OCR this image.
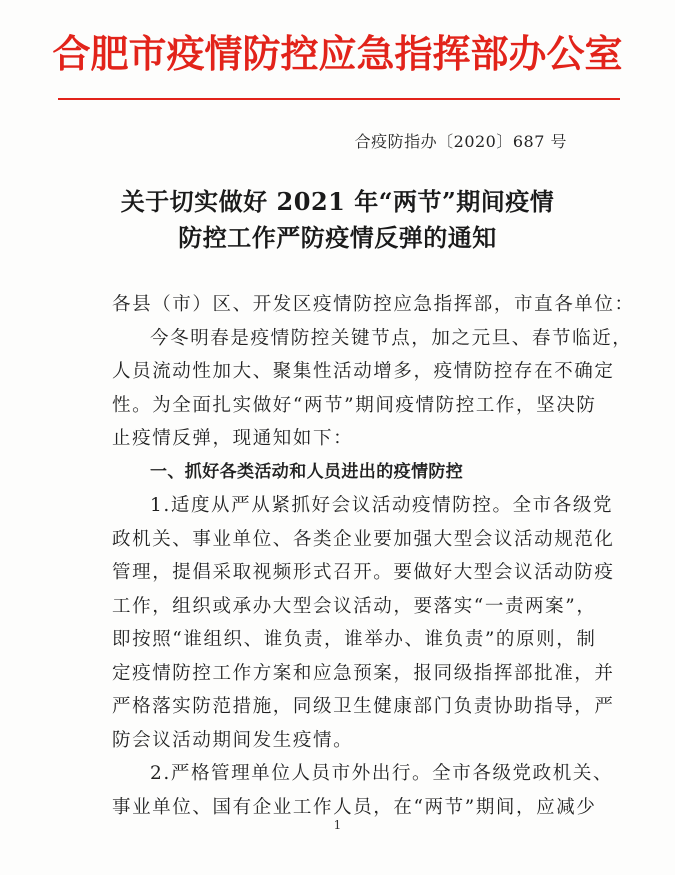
合肥市疫情防控应急指挥部办公室
合疫防指办〔2020〕687 号
关于切实做好 2021 年“两节”期间疫情
防控工作严防疫情反弹的通知
各县（市）区、开发区疫情防控应急指挥部，市直各单位：
今冬明春是疫情防控关键节点，加之元旦、春节临近，
人员流动性加大、聚集性活动增多，疫情防控存在不确定
性。为全面扎实做好“两节”期间疫情防控工作，坚决防
止疫情反弹，现通知如下：
一、抓好各类活动和人员进出的疫情防控
1.适度从严从紧抓好会议活动疫情防控。全市各级党
政机关、事业单位、各类企业要加强大型会议活动规范化
管理，提倡采取视频形式召开。要做好大型会议活动防疫
工作，组织或承办大型会议活动，要落实“一责两案”，
即按照“谁组织、谁负责，谁举办、谁负责”的原则，制
定疫情防控工作方案和应急预案，报同级指挥部批准，并
严格落实防范措施，同级卫生健康部门负责协助指导，严
防会议活动期间发生疫情。
2.严格管理单位人员市外出行。全市各级党政机关、
事业单位、国有企业工作人员，在“两节”期间，应减少
1
